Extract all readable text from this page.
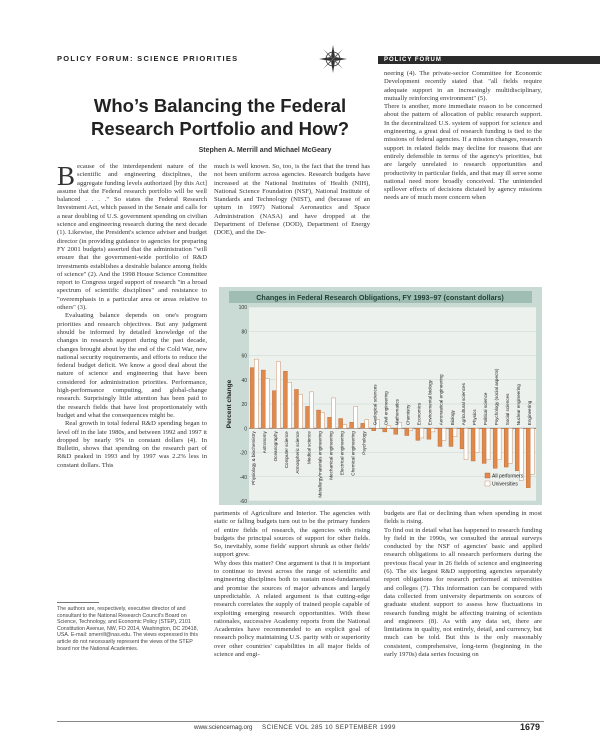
POLICY FORUM: SCIENCE PRIORITIES	POLICY FORUM
Who’s Balancing the Federal Research Portfolio and How?
Stephen A. Merrill and Michael McGeary

Because of the interdependent nature of the scientific and engineering disciplines, the aggregate funding levels authorized [by this Act] assume that the Federal research portfolio will be well balanced . . . ." So states the Federal Research Investment Act, which passed in the Senate and calls for a near doubling of U.S. government spending on civilian science and engineering research during the next decade (1). Likewise, the President's science adviser and budget director (in providing guidance to agencies for preparing FY 2001 budgets) asserted that the administration "will ensure that the government-wide portfolio of R&D investments establishes a desirable balance among fields of science" (2). And the 1998 House Science Committee report to Congress urged support of research "in a broad spectrum of scientific disciplines" and resistance to "overemphasis in a particular area or areas relative to others" (3).

Evaluating balance depends on one's program priorities and research objectives. But any judgment should be informed by detailed knowledge of the changes in research support during the past decade, changes brought about by the end of the Cold War, new national security requirements, and efforts to reduce the federal budget deficit. We know a good deal about the nature of science and engineering that have been considered for administration priorities. Performance, high-performance computing, and global-change research. Surprisingly little attention has been paid to the research fields that have lost proportionately with budget and what the consequences might be.

Real growth in total federal R&D spending began to level off in the late 1980s, and between 1992 and 1997 it dropped by nearly 9% in constant dollars (4). In Bulletin, shows that spending on the research part of R&D peaked in 1993 and by 1997 was 2.2% less in constant dollars. This

much is well known. So, too, is the fact that the trend has not been uniform across agencies. Research budgets have increased at the National Institutes of Health (NIH), National Science Foundation (NSF), National Institute of Standards and Technology (NIST), and (because of an upturn in 1997) National Aeronautics and Space Administration (NASA) and have dropped at the Department of Defense (DOD), Department of Energy (DOE), and the De-

neering (4). The private-sector Committee for Economic Development recently stated that "all fields require adequate support in an increasingly multidisciplinary, mutually reinforcing environment" (5).
There is another, more immediate reason to be concerned about the pattern of allocation of public research support. In the decentralized U.S. system of support for science and engineering, a great deal of research funding is tied to the missions of federal agencies. If a mission changes, research support in related fields may decline for reasons that are entirely defensible in terms of the agency's priorities, but are largely unrelated to research opportunities and productivity in particular fields, and that may ill serve some national need more broadly conceived. The unintended spillover effects of decisions dictated by agency missions needs are of much more concern when

Changes in Federal Research Obligations, FY 1993–97 (constant dollars)
-60
-40
-20
0
20
40
60
80
100
Percent change
Physiology & biochemistry Astronomy Oceanography Computer science Atmospheric science Medical science Metallurgy/materials engineering Mechanical engineering Electrical engineering Chemical engineering Psychology
Geological sciences Civil engineering Mathematics Chemistry Economics Environmental biology Aeronautical engineering Biology Agricultural sciences Physics Political science Psychology (social aspects) Social sciences Nuclear engineering Engineering
All performers
Universities

partments of Agriculture and Interior. The agencies with static or falling budgets turn out to be the primary funders of entire fields of research, the agencies with rising budgets the principal sources of support for other fields. So, inevitably, some fields' support shrunk as other fields' support grew.
Why does this matter? One argument is that it is important to continue to invest across the range of scientific and engineering disciplines both to sustain most-fundamental and promise the sources of major advances and largely unpredictable. A related argument is that cutting-edge research correlates the supply of trained people capable of exploiting emerging research opportunities. With these rationales, successive Academy reports from the National Academies have recommended to an explicit goal of research policy maintaining U.S. parity with or superiority over other countries' capabilities in all major fields of science and engi-

budgets are flat or declining than when spending in most fields is rising.
To find out in detail what has happened to research funding by field in the 1990s, we consulted the annual surveys conducted by the NSF of agencies' basic and applied research obligations to all research performers during the previous fiscal year in 26 fields of science and engineering (6). The six largest R&D supporting agencies separately report obligations for research performed at universities and colleges (7). This information can be compared with data collected from university departments on sources of graduate student support to assess how fluctuations in research funding might be affecting training of scientists and engineers (8). As with any data set, there are limitations in quality, not entirely, detail, and currency, but much can be told. But this is the only reasonably consistent, comprehensive, long-term (beginning in the early 1970s) data series focusing on

The authors are, respectively, executive director of and consultant to the National Research Council's Board on Science, Technology, and Economic Policy (STEP), 2101 Constitution Avenue, NW, FO 2014, Washington, DC 20418, USA. E-mail: smerrill@nas.edu. The views expressed in this article do not necessarily represent the views of the STEP board nor the National Academies.
www.sciencemag.org SCIENCE VOL 285 10 SEPTEMBER 1999	1679
